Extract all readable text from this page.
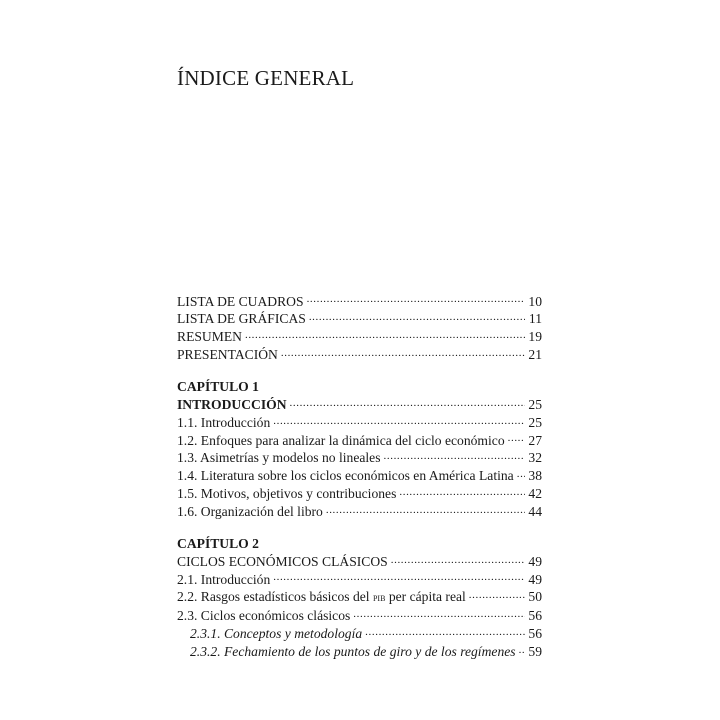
ÍNDICE GENERAL
LISTA DE CUADROS .....	10
LISTA DE GRÁFICAS .....	11
RESUMEN .....	19
PRESENTACIÓN .....	21
CAPÍTULO 1
INTRODUCCIÓN .....	25
1.1. Introducción .....	25
1.2. Enfoques para analizar la dinámica del ciclo económico ..... 27
1.3. Asimetrías y modelos no lineales .....	32
1.4. Literatura sobre los ciclos económicos en América Latina ..... 38
1.5. Motivos, objetivos y contribuciones .....	42
1.6. Organización del libro .....	44
CAPÍTULO 2
CICLOS ECONÓMICOS CLÁSICOS .....	49
2.1. Introducción .....	49
2.2. Rasgos estadísticos básicos del pib per cápita real .....	50
2.3. Ciclos económicos clásicos .....	56
2.3.1. Conceptos y metodología .....	56
2.3.2. Fechamiento de los puntos de giro y de los regímenes ..... 59
